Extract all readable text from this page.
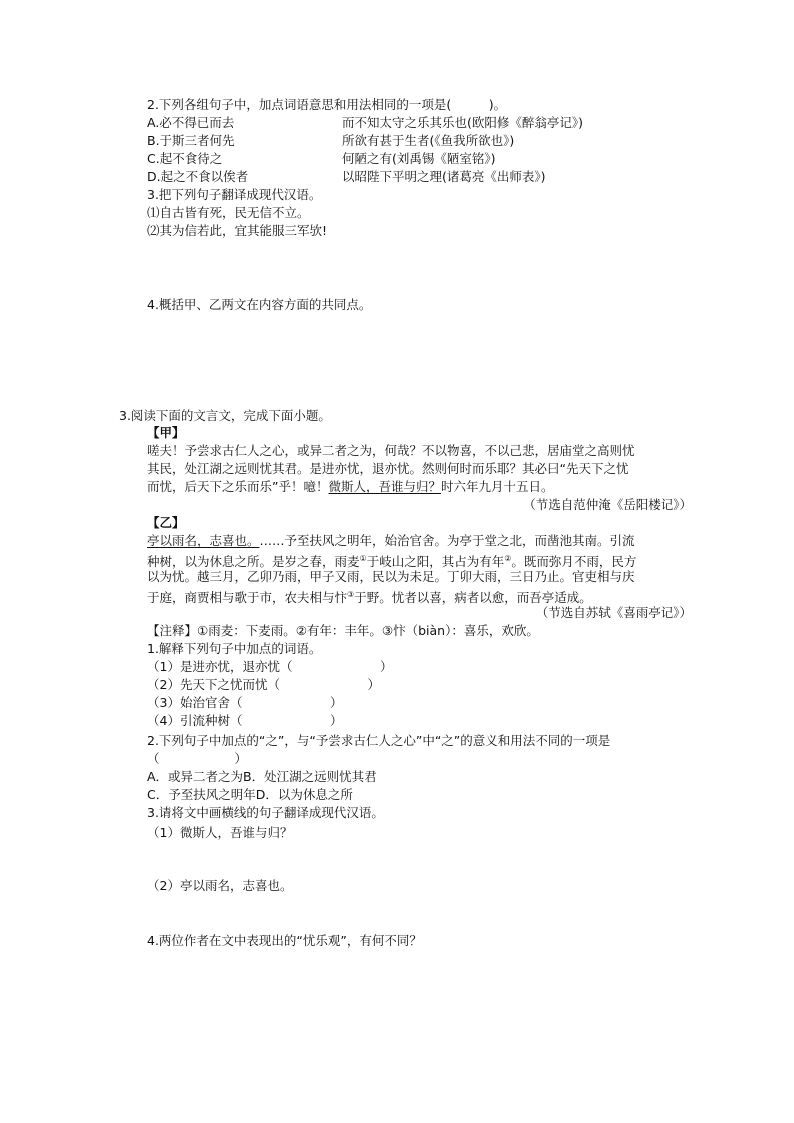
2.下列各组句子中，加点词语意思和用法相同的一项是(　　　)。
A.必不得已而去	而不知太守之乐其乐也(欧阳修《醉翁亭记》)
B.于斯三者何先	所欲有甚于生者(《鱼我所欲也》)
C.起不食待之	何陋之有(刘禹锡《陋室铭》)
D.起之不食以俟者	以昭陛下平明之理(诸葛亮《出师表》)
3.把下列句子翻译成现代汉语。
⑴自古皆有死，民无信不立。
⑵其为信若此，宜其能服三军欤!
4.概括甲、乙两文在内容方面的共同点。
3.阅读下面的文言文，完成下面小题。
【甲】
嗟夫！予尝求古仁人之心，或异二者之为，何哉？不以物喜，不以己悲，居庙堂之高则忧
其民，处江湖之远则忧其君。是进亦忧，退亦忧。然则何时而乐耶？其必曰“先天下之忧
而忧，后天下之乐而乐”乎！噫！微斯人，吾谁与归？时六年九月十五日。
（节选自范仲淹《岳阳楼记》）
【乙】
亭以雨名，志喜也。……予至扶风之明年，始治官舍。为亭于堂之北，而凿池其南。引流
种树，以为休息之所。是岁之春，雨麦①于岐山之阳，其占为有年②。既而弥月不雨，民方
以为忧。越三月，乙卯乃雨，甲子又雨，民以为未足。丁卯大雨，三日乃止。官吏相与庆
于庭，商贾相与歌于市，农夫相与忭③于野。忧者以喜，病者以愈，而吾亭适成。
（节选自苏轼《喜雨亭记》）
【注释】①雨麦：下麦雨。②有年：丰年。③忭（biàn）：喜乐，欢欣。
1.解释下列句子中加点的词语。
（1）是进亦忧，退亦忧（　　　　　　　）
（2）先天下之忧而忧（　　　　　　　）
（3）始治官舍（　　　　　　　）
（4）引流种树（　　　　　　　）
2.下列句子中加点的“之”，与“予尝求古仁人之心”中“之”的意义和用法不同的一项是
（　　　　　　）
A．或异二者之为B．处江湖之远则忧其君
C．予至扶风之明年D．以为休息之所
3.请将文中画横线的句子翻译成现代汉语。
（1）微斯人，吾谁与归？
（2）亭以雨名，志喜也。
4.两位作者在文中表现出的“忧乐观”，有何不同？
